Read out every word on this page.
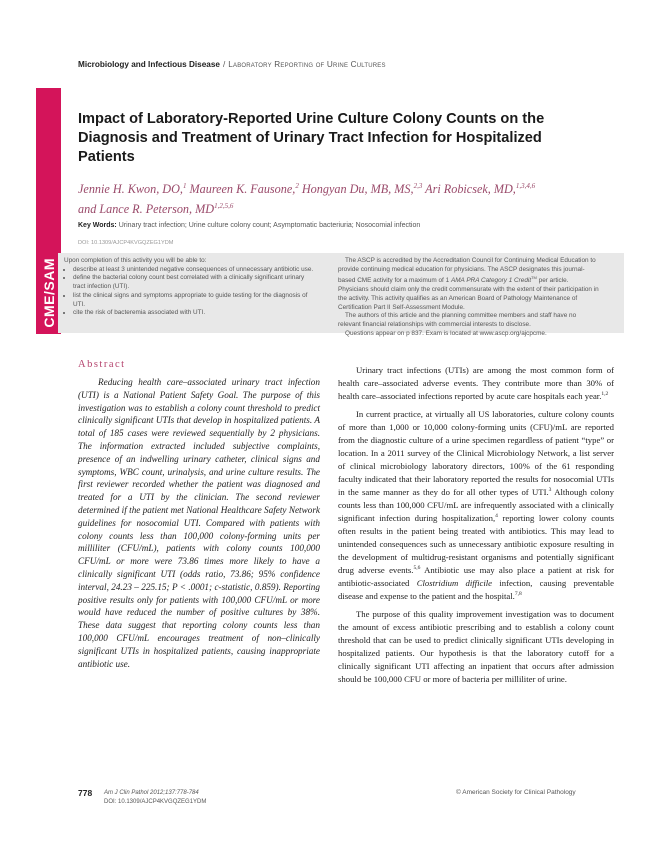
Microbiology and Infectious Disease / Laboratory Reporting of Urine Cultures
CME/SAM
Impact of Laboratory-Reported Urine Culture Colony Counts on the Diagnosis and Treatment of Urinary Tract Infection for Hospitalized Patients
Jennie H. Kwon, DO,$^1$ Maureen K. Fausone,$^2$ Hongyan Du, MB, MS,$^{2,3}$ Ari Robicsek, MD,$^{1,3,4,6}$
and Lance R. Peterson, MD$^{1,2,5,6}$
Key Words: Urinary tract infection; Urine culture colony count; Asymptomatic bacteriuria; Nosocomial infection
DOI: 10.1309/AJCP4KVGQZEG1YDM
Upon completion of this activity you will be able to:
• describe at least 3 unintended negative consequences of unnecessary antibiotic use.
• define the bacterial colony count best correlated with a clinically significant urinary tract infection (UTI).
• list the clinical signs and symptoms appropriate to guide testing for the diagnosis of UTI.
• cite the risk of bacteremia associated with UTI.

The ASCP is accredited by the Accreditation Council for Continuing Medical Education to provide continuing medical education for physicians. The ASCP designates this journal-based CME activity for a maximum of 1 AMA PRA Category 1 Credit™ per article. Physicians should claim only the credit commensurate with the extent of their participation in the activity. This activity qualifies as an American Board of Pathology Maintenance of Certification Part II Self-Assessment Module.

The authors of this article and the planning committee members and staff have no relevant financial relationships with commercial interests to disclose.

Questions appear on p 837. Exam is located at www.ascp.org/ajcpcme.

Abstract

Reducing health care–associated urinary tract infection (UTI) is a National Patient Safety Goal. The purpose of this investigation was to establish a colony count threshold to predict clinically significant UTIs that develop in hospitalized patients. A total of 185 cases were reviewed sequentially by 2 physicians. The information extracted included subjective complaints, presence of an indwelling urinary catheter, clinical signs and symptoms, WBC count, urinalysis, and urine culture results. The first reviewer recorded whether the patient was diagnosed and treated for a UTI by the clinician. The second reviewer determined if the patient met National Healthcare Safety Network guidelines for nosocomial UTI. Compared with patients with colony counts less than 100,000 colony-forming units per milliliter (CFU/mL), patients with colony counts 100,000 CFU/mL or more were 73.86 times more likely to have a clinically significant UTI (odds ratio, 73.86; 95% confidence interval, 24.23 – 225.15; P < .0001; c-statistic, 0.859). Reporting positive results only for patients with 100,000 CFU/mL or more would have reduced the number of positive cultures by 38%. These data suggest that reporting colony counts less than 100,000 CFU/mL encourages treatment of non–clinically significant UTIs in hospitalized patients, causing inappropriate antibiotic use.

Urinary tract infections (UTIs) are among the most common form of health care–associated adverse events. They contribute more than 30% of health care–associated infections reported by acute care hospitals each year.$^{1,2}$

In current practice, at virtually all US laboratories, culture colony counts of more than 1,000 or 10,000 colony-forming units (CFU)/mL are reported from the diagnostic culture of a urine specimen regardless of patient “type” or location. In a 2011 survey of the Clinical Microbiology Network, a list server of clinical microbiology laboratory directors, 100% of the 61 responding faculty indicated that their laboratory reported the results for nosocomial UTIs in the same manner as they do for all other types of UTI.$^3$ Although colony counts less than 100,000 CFU/mL are infrequently associated with a clinically significant infection during hospitalization,$^4$ reporting lower colony counts often results in the patient being treated with antibiotics. This may lead to unintended consequences such as unnecessary antibiotic exposure resulting in the development of multidrug-resistant organisms and potentially significant drug adverse events.$^{5,6}$ Antibiotic use may also place a patient at risk for antibiotic-associated Clostridium difficile infection, causing preventable disease and expense to the patient and the hospital.$^{7,8}$

The purpose of this quality improvement investigation was to document the amount of excess antibiotic prescribing and to establish a colony count threshold that can be used to predict clinically significant UTIs developing in hospitalized patients. Our hypothesis is that the laboratory cutoff for a clinically significant UTI affecting an inpatient that occurs after admission should be 100,000 CFU or more of bacteria per milliliter of urine.

778 Am J Clin Pathol 2012;137:778-784
DOI: 10.1309/AJCP4KVGQZEG1YDM
© American Society for Clinical Pathology
